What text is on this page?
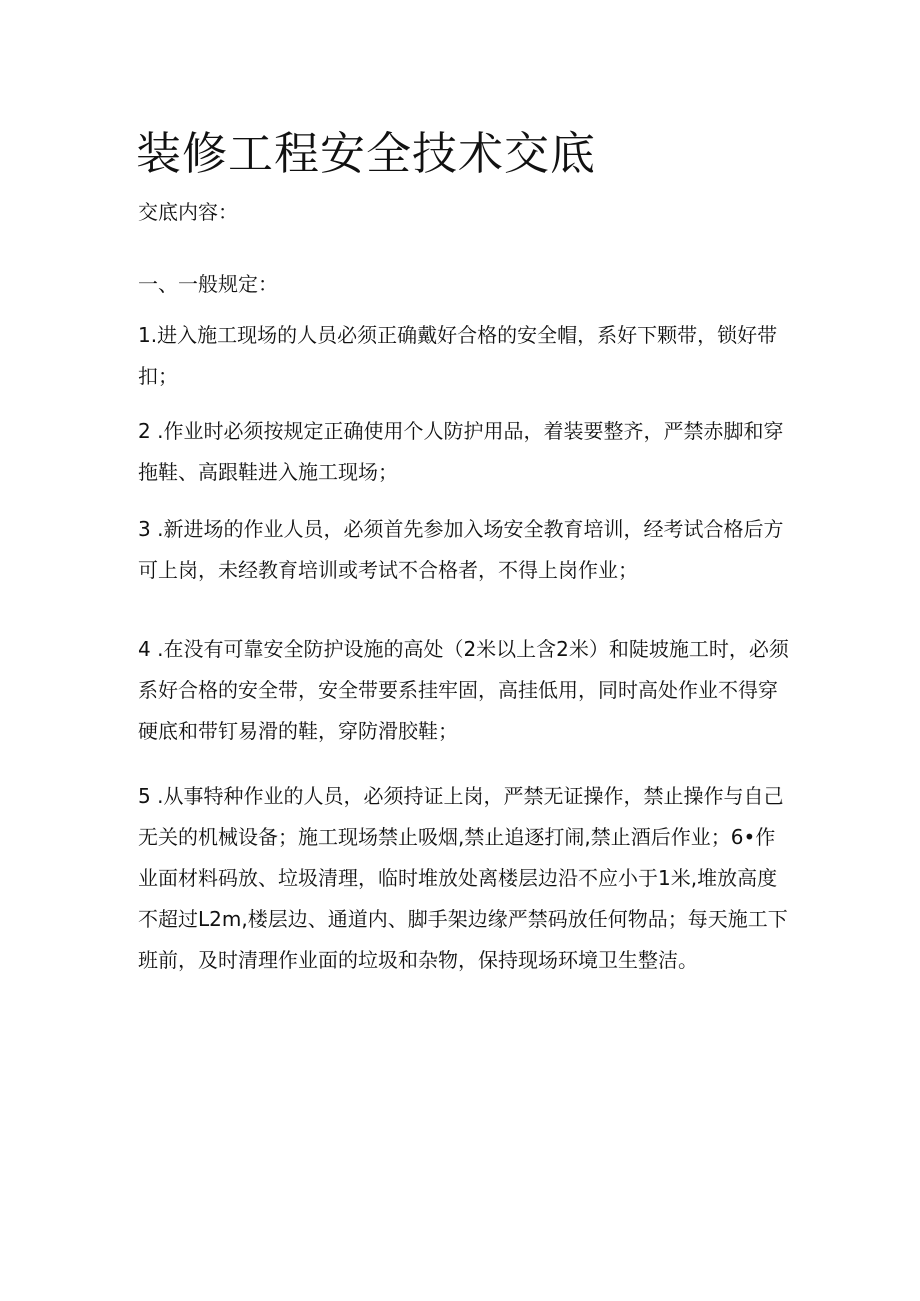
装修工程安全技术交底

交底内容：

一、一般规定：

1.进入施工现场的人员必须正确戴好合格的安全帽，系好下颗带，锁好带扣；

2 .作业时必须按规定正确使用个人防护用品，着装要整齐，严禁赤脚和穿拖鞋、高跟鞋进入施工现场；

3 .新进场的作业人员，必须首先参加入场安全教育培训，经考试合格后方可上岗，未经教育培训或考试不合格者，不得上岗作业；

4 .在没有可靠安全防护设施的高处（2米以上含2米）和陡坡施工时，必须系好合格的安全带，安全带要系挂牢固，高挂低用，同时高处作业不得穿硬底和带钉易滑的鞋，穿防滑胶鞋；

5 .从事特种作业的人员，必须持证上岗，严禁无证操作，禁止操作与自己无关的机械设备；施工现场禁止吸烟,禁止追逐打闹,禁止酒后作业；6•作业面材料码放、垃圾清理，临时堆放处离楼层边沿不应小于1米,堆放高度不超过L2m,楼层边、通道内、脚手架边缘严禁码放任何物品；每天施工下班前，及时清理作业面的垃圾和杂物，保持现场环境卫生整洁。
